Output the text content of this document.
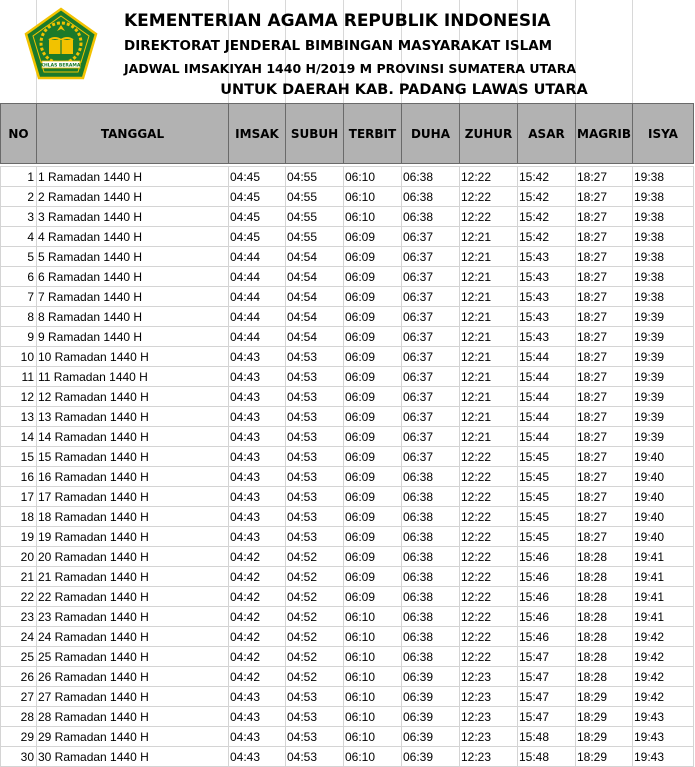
IKHLAS BERAMAL
KEMENTERIAN AGAMA REPUBLIK INDONESIA
DIREKTORAT JENDERAL BIMBINGAN MASYARAKAT ISLAM
JADWAL IMSAKIYAH 1440 H/2019 M PROVINSI SUMATERA UTARA
UNTUK DAERAH KAB. PADANG LAWAS UTARA
NO	TANGGAL	IMSAK	SUBUH	TERBIT	DUHA	ZUHUR	ASAR	MAGRIB	ISYA

1	1 Ramadan 1440 H	04:45	04:55	06:10	06:38	12:22	15:42	18:27	19:38
2	2 Ramadan 1440 H	04:45	04:55	06:10	06:38	12:22	15:42	18:27	19:38
3	3 Ramadan 1440 H	04:45	04:55	06:10	06:38	12:22	15:42	18:27	19:38
4	4 Ramadan 1440 H	04:45	04:55	06:09	06:37	12:21	15:42	18:27	19:38
5	5 Ramadan 1440 H	04:44	04:54	06:09	06:37	12:21	15:43	18:27	19:38
6	6 Ramadan 1440 H	04:44	04:54	06:09	06:37	12:21	15:43	18:27	19:38
7	7 Ramadan 1440 H	04:44	04:54	06:09	06:37	12:21	15:43	18:27	19:38
8	8 Ramadan 1440 H	04:44	04:54	06:09	06:37	12:21	15:43	18:27	19:39
9	9 Ramadan 1440 H	04:44	04:54	06:09	06:37	12:21	15:43	18:27	19:39
10	10 Ramadan 1440 H	04:43	04:53	06:09	06:37	12:21	15:44	18:27	19:39
11	11 Ramadan 1440 H	04:43	04:53	06:09	06:37	12:21	15:44	18:27	19:39
12	12 Ramadan 1440 H	04:43	04:53	06:09	06:37	12:21	15:44	18:27	19:39
13	13 Ramadan 1440 H	04:43	04:53	06:09	06:37	12:21	15:44	18:27	19:39
14	14 Ramadan 1440 H	04:43	04:53	06:09	06:37	12:21	15:44	18:27	19:39
15	15 Ramadan 1440 H	04:43	04:53	06:09	06:37	12:22	15:45	18:27	19:40
16	16 Ramadan 1440 H	04:43	04:53	06:09	06:38	12:22	15:45	18:27	19:40
17	17 Ramadan 1440 H	04:43	04:53	06:09	06:38	12:22	15:45	18:27	19:40
18	18 Ramadan 1440 H	04:43	04:53	06:09	06:38	12:22	15:45	18:27	19:40
19	19 Ramadan 1440 H	04:43	04:53	06:09	06:38	12:22	15:45	18:27	19:40
20	20 Ramadan 1440 H	04:42	04:52	06:09	06:38	12:22	15:46	18:28	19:41
21	21 Ramadan 1440 H	04:42	04:52	06:09	06:38	12:22	15:46	18:28	19:41
22	22 Ramadan 1440 H	04:42	04:52	06:09	06:38	12:22	15:46	18:28	19:41
23	23 Ramadan 1440 H	04:42	04:52	06:10	06:38	12:22	15:46	18:28	19:41
24	24 Ramadan 1440 H	04:42	04:52	06:10	06:38	12:22	15:46	18:28	19:42
25	25 Ramadan 1440 H	04:42	04:52	06:10	06:38	12:22	15:47	18:28	19:42
26	26 Ramadan 1440 H	04:42	04:52	06:10	06:39	12:23	15:47	18:28	19:42
27	27 Ramadan 1440 H	04:43	04:53	06:10	06:39	12:23	15:47	18:29	19:42
28	28 Ramadan 1440 H	04:43	04:53	06:10	06:39	12:23	15:47	18:29	19:43
29	29 Ramadan 1440 H	04:43	04:53	06:10	06:39	12:23	15:48	18:29	19:43
30	30 Ramadan 1440 H	04:43	04:53	06:10	06:39	12:23	15:48	18:29	19:43
